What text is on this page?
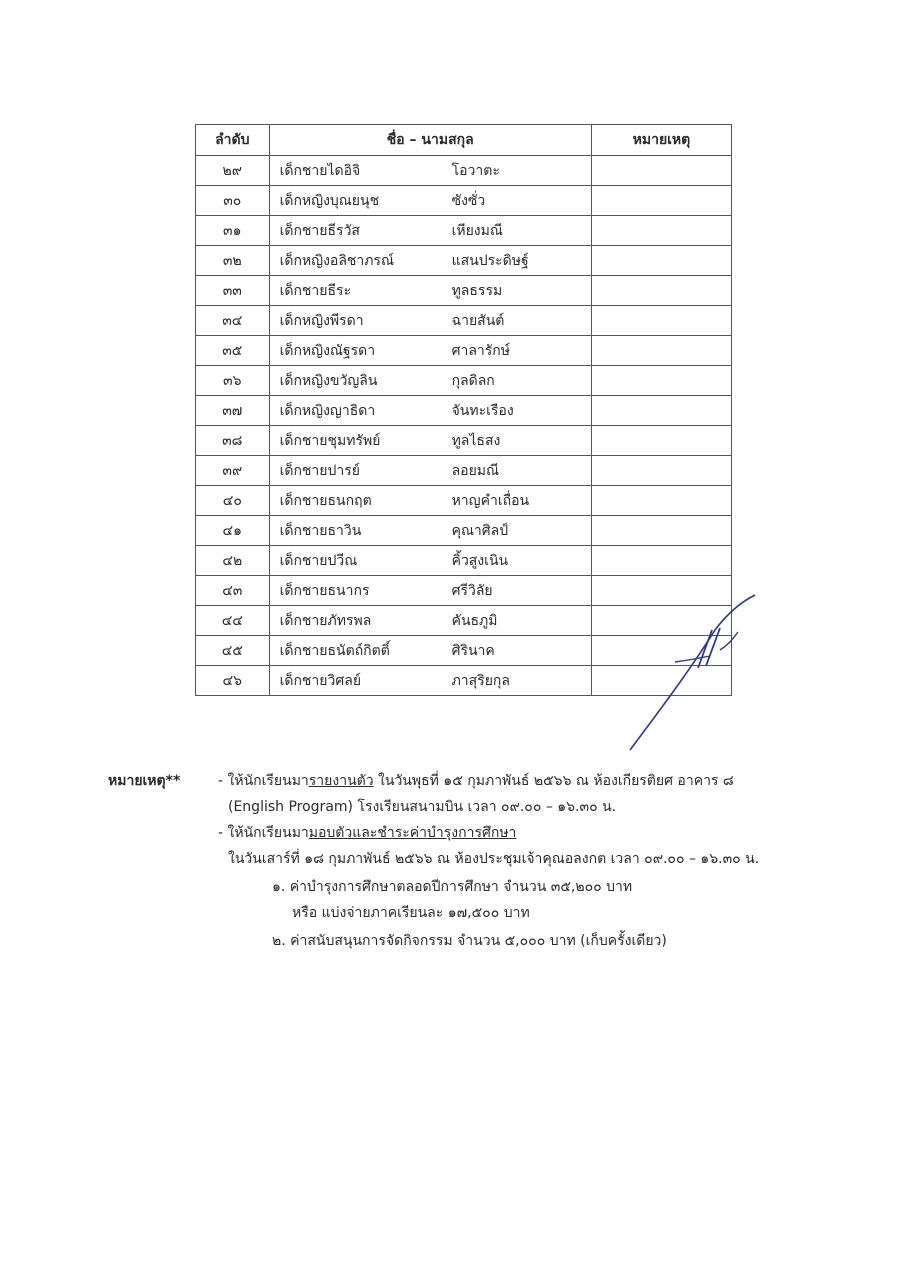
ลำดับ	ชื่อ – นามสกุล	หมายเหตุ
๒๙	เด็กชายไดอิจิ โอวาตะ	

๓๐	เด็กหญิงบุณยนุช ซังซั่ว	

๓๑	เด็กชายธีรวัส เหียงมณี	

๓๒	เด็กหญิงอลิชาภรณ์ แสนประดิษฐ์	

๓๓	เด็กชายธีระ ทูลธรรม	

๓๔	เด็กหญิงพีรดา ฉายสันต์	

๓๕	เด็กหญิงณัฐรดา ศาลารักษ์	

๓๖	เด็กหญิงขวัญลิน กุลดิลก	

๓๗	เด็กหญิงญาธิดา จันทะเรือง	

๓๘	เด็กชายชุมทรัพย์ ทูลไธสง	

๓๙	เด็กชายปารย์ ลอยมณี	

๔๐	เด็กชายธนกฤต หาญคำเถื่อน	

๔๑	เด็กชายธาวิน คุณาศิลป์	

๔๒	เด็กชายปวีณ คิ้วสูงเนิน	

๔๓	เด็กชายธนากร ศรีวิลัย	

๔๔	เด็กชายภัทรพล คันธภูมิ	

๔๕	เด็กชายธนัตถ์กิตติ์ ศิรินาค	

๔๖	เด็กชายวิศลย์ ภาสุริยกุล	

หมายเหตุ**	- ให้นักเรียนมารายงานตัว ในวันพุธที่ ๑๕ กุมภาพันธ์ ๒๕๖๖ ณ ห้องเกียรติยศ อาคาร ๘
(English Program) โรงเรียนสนามบิน เวลา ๐๙.๐๐ – ๑๖.๓๐ น.
- ให้นักเรียนมามอบตัวและชำระค่าบำรุงการศึกษา
ในวันเสาร์ที่ ๑๘ กุมภาพันธ์ ๒๕๖๖ ณ ห้องประชุมเจ้าคุณอลงกต เวลา ๐๙.๐๐ – ๑๖.๓๐ น.
๑. ค่าบำรุงการศึกษาตลอดปีการศึกษา จำนวน ๓๕,๒๐๐ บาท
หรือ แบ่งจ่ายภาคเรียนละ ๑๗,๕๐๐ บาท
๒. ค่าสนับสนุนการจัดกิจกรรม จำนวน ๕,๐๐๐ บาท (เก็บครั้งเดียว)
